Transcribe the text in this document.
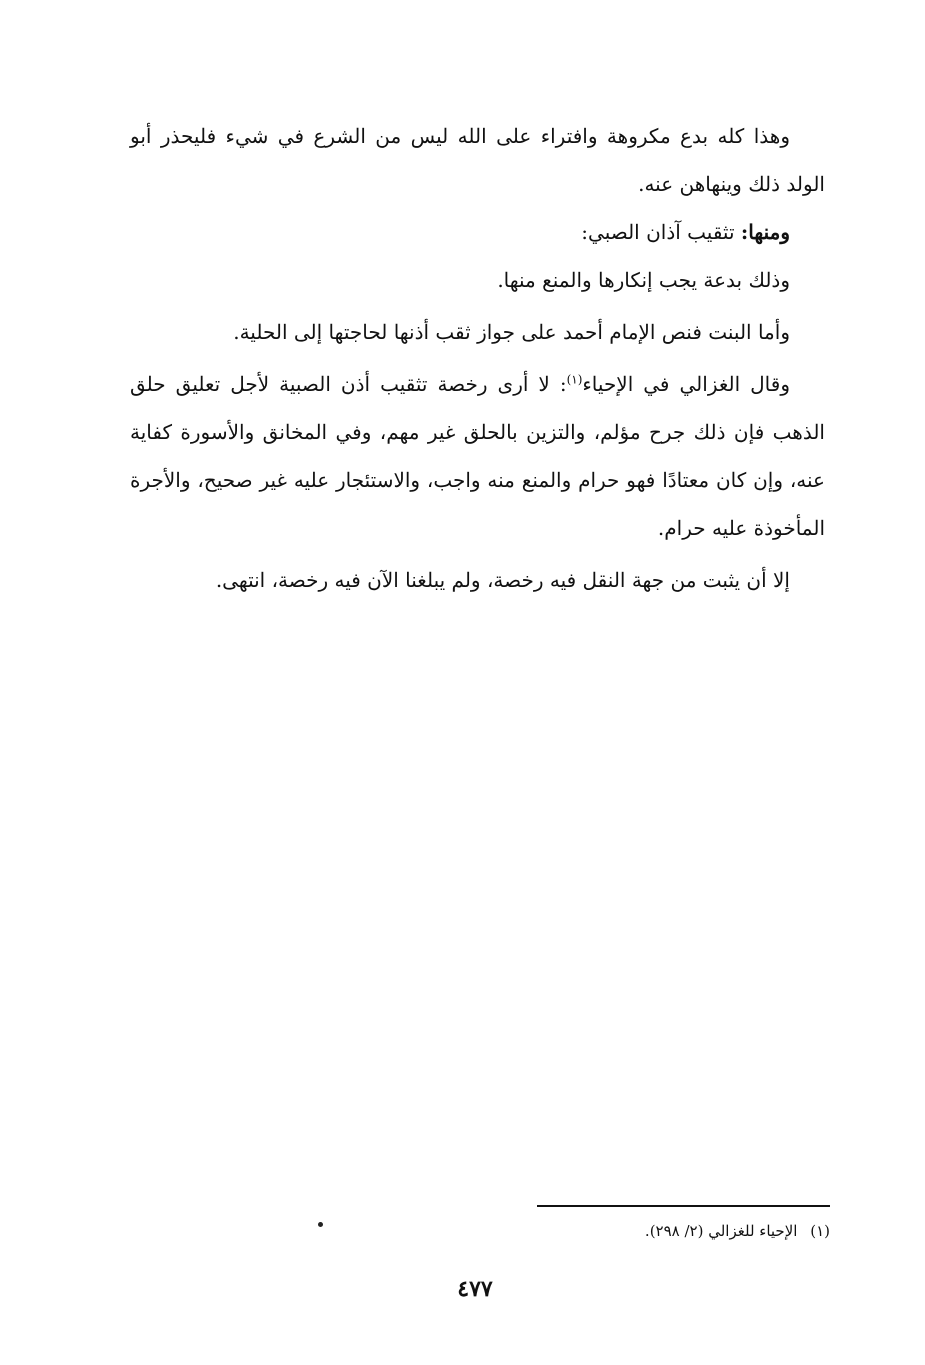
وهذا كله بدع مكروهة وافتراء على الله ليس من الشرع في شيء فليحذر أبو الولد ذلك وينهاهن عنه.

ومنها: تثقيب آذان الصبي:

وذلك بدعة يجب إنكارها والمنع منها.

وأما البنت فنص الإمام أحمد على جواز ثقب أذنها لحاجتها إلى الحلية.

وقال الغزالي في الإحياء$^{(١)}$: لا أرى رخصة تثقيب أذن الصبية لأجل تعليق حلق الذهب فإن ذلك جرح مؤلم، والتزين بالحلق غير مهم، وفي المخانق والأسورة كفاية عنه، وإن كان معتادًا فهو حرام والمنع منه واجب، والاستئجار عليه غير صحيح، والأجرة المأخوذة عليه حرام.

إلا أن يثبت من جهة النقل فيه رخصة، ولم يبلغنا الآن فيه رخصة، انتهى.

(١) الإحياء للغزالي (٢/ ٢٩٨).
٤٧٧
